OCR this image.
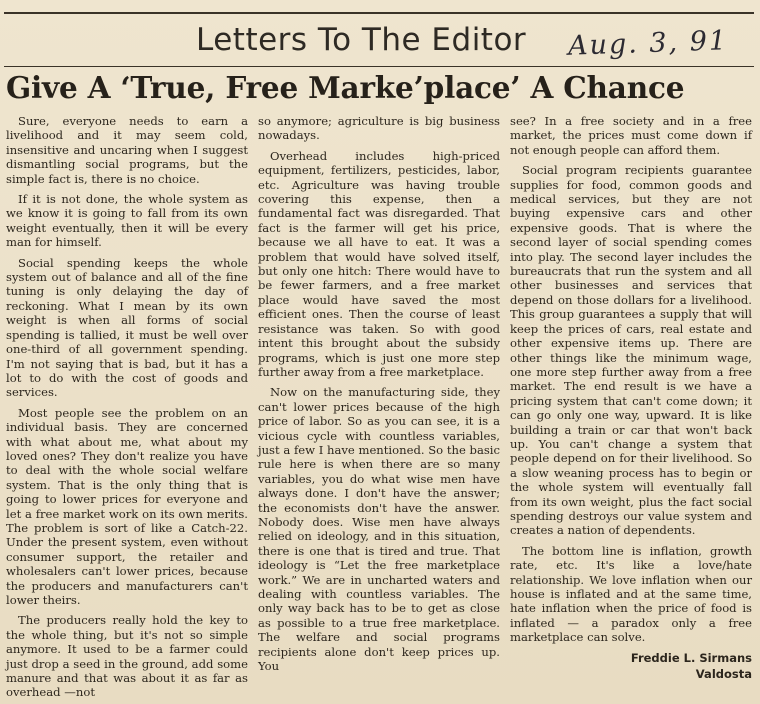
Letters To The Editor Aug. 3, 91
Give A ‘True, Free Marke’place’ A Chance

Sure, everyone needs to earn a livelihood and it may seem cold, insensitive and uncaring when I suggest dismantling social programs, but the simple fact is, there is no choice.

If it is not done, the whole system as we know it is going to fall from its own weight eventually, then it will be every man for himself.

Social spending keeps the whole system out of balance and all of the fine tuning is only delaying the day of reckoning. What I mean by its own weight is when all forms of social spending is tallied, it must be well over one-third of all government spending. I'm not saying that is bad, but it has a lot to do with the cost of goods and services.

Most people see the problem on an individual basis. They are concerned with what about me, what about my loved ones? They don't realize you have to deal with the whole social welfare system. That is the only thing that is going to lower prices for everyone and let a free market work on its own merits. The problem is sort of like a Catch-22. Under the present system, even without consumer support, the retailer and wholesalers can't lower prices, because the producers and manufacturers can't lower theirs.

The producers really hold the key to the whole thing, but it's not so simple anymore. It used to be a farmer could just drop a seed in the ground, add some manure and that was about it as far as overhead —not

so anymore; agriculture is big business nowadays.

Overhead includes high-priced equipment, fertilizers, pesticides, labor, etc. Agriculture was having trouble covering this expense, then a fundamental fact was disregarded. That fact is the farmer will get his price, because we all have to eat. It was a problem that would have solved itself, but only one hitch: There would have to be fewer farmers, and a free market place would have saved the most efficient ones. Then the course of least resistance was taken. So with good intent this brought about the subsidy programs, which is just one more step further away from a free marketplace.

Now on the manufacturing side, they can't lower prices because of the high price of labor. So as you can see, it is a vicious cycle with countless variables, just a few I have mentioned. So the basic rule here is when there are so many variables, you do what wise men have always done. I don't have the answer; the economists don't have the answer. Nobody does. Wise men have always relied on ideology, and in this situation, there is one that is tired and true. That ideology is “Let the free marketplace work.” We are in uncharted waters and dealing with countless variables. The only way back has to be to get as close as possible to a true free marketplace. The welfare and social programs recipients alone don't keep prices up. You

see? In a free society and in a free market, the prices must come down if not enough people can afford them.

Social program recipients guarantee supplies for food, common goods and medical services, but they are not buying expensive cars and other expensive goods. That is where the second layer of social spending comes into play. The second layer includes the bureaucrats that run the system and all other businesses and services that depend on those dollars for a livelihood. This group guarantees a supply that will keep the prices of cars, real estate and other expensive items up. There are other things like the minimum wage, one more step further away from a free market. The end result is we have a pricing system that can't come down; it can go only one way, upward. It is like building a train or car that won't back up. You can't change a system that people depend on for their livelihood. So a slow weaning process has to begin or the whole system will eventually fall from its own weight, plus the fact social spending destroys our value system and creates a nation of dependents.

The bottom line is inflation, growth rate, etc. It's like a love/hate relationship. We love inflation when our house is inflated and at the same time, hate inflation when the price of food is inflated — a paradox only a free marketplace can solve.

Freddie L. Sirmans
Valdosta
